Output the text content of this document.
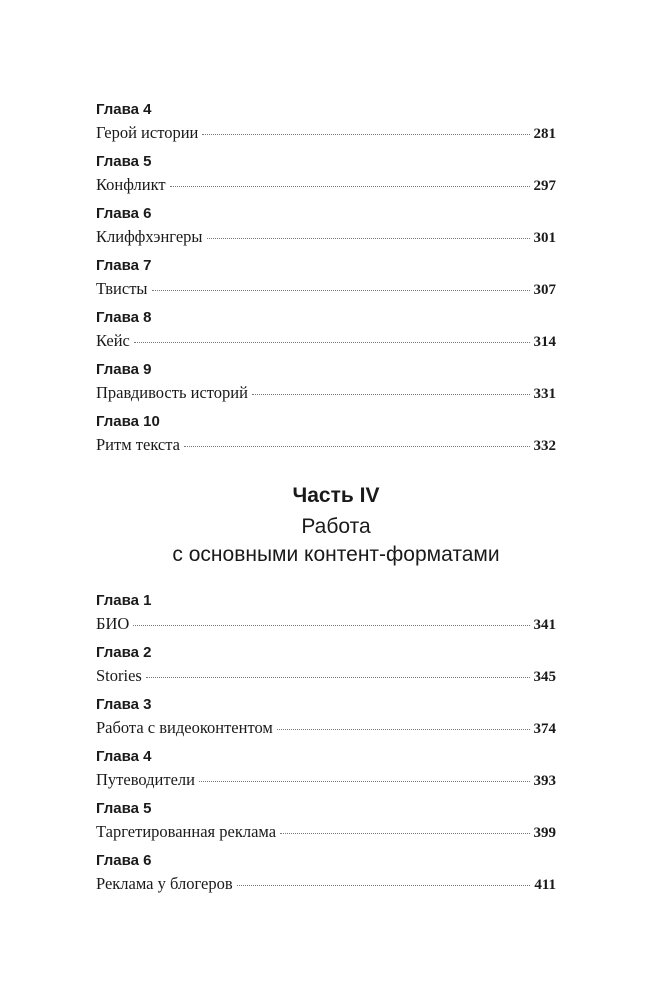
Глава 4
Герой истории	281
Глава 5
Конфликт	297
Глава 6
Клиффхэнгеры	301
Глава 7
Твисты	307
Глава 8
Кейс	314
Глава 9
Правдивость историй	331
Глава 10
Ритм текста	332
Часть IV
Работа
с основными контент-форматами
Глава 1
БИО	341
Глава 2
Stories	345
Глава 3
Работа с видеоконтентом	374
Глава 4
Путеводители	393
Глава 5
Таргетированная реклама	399
Глава 6
Реклама у блогеров	411
